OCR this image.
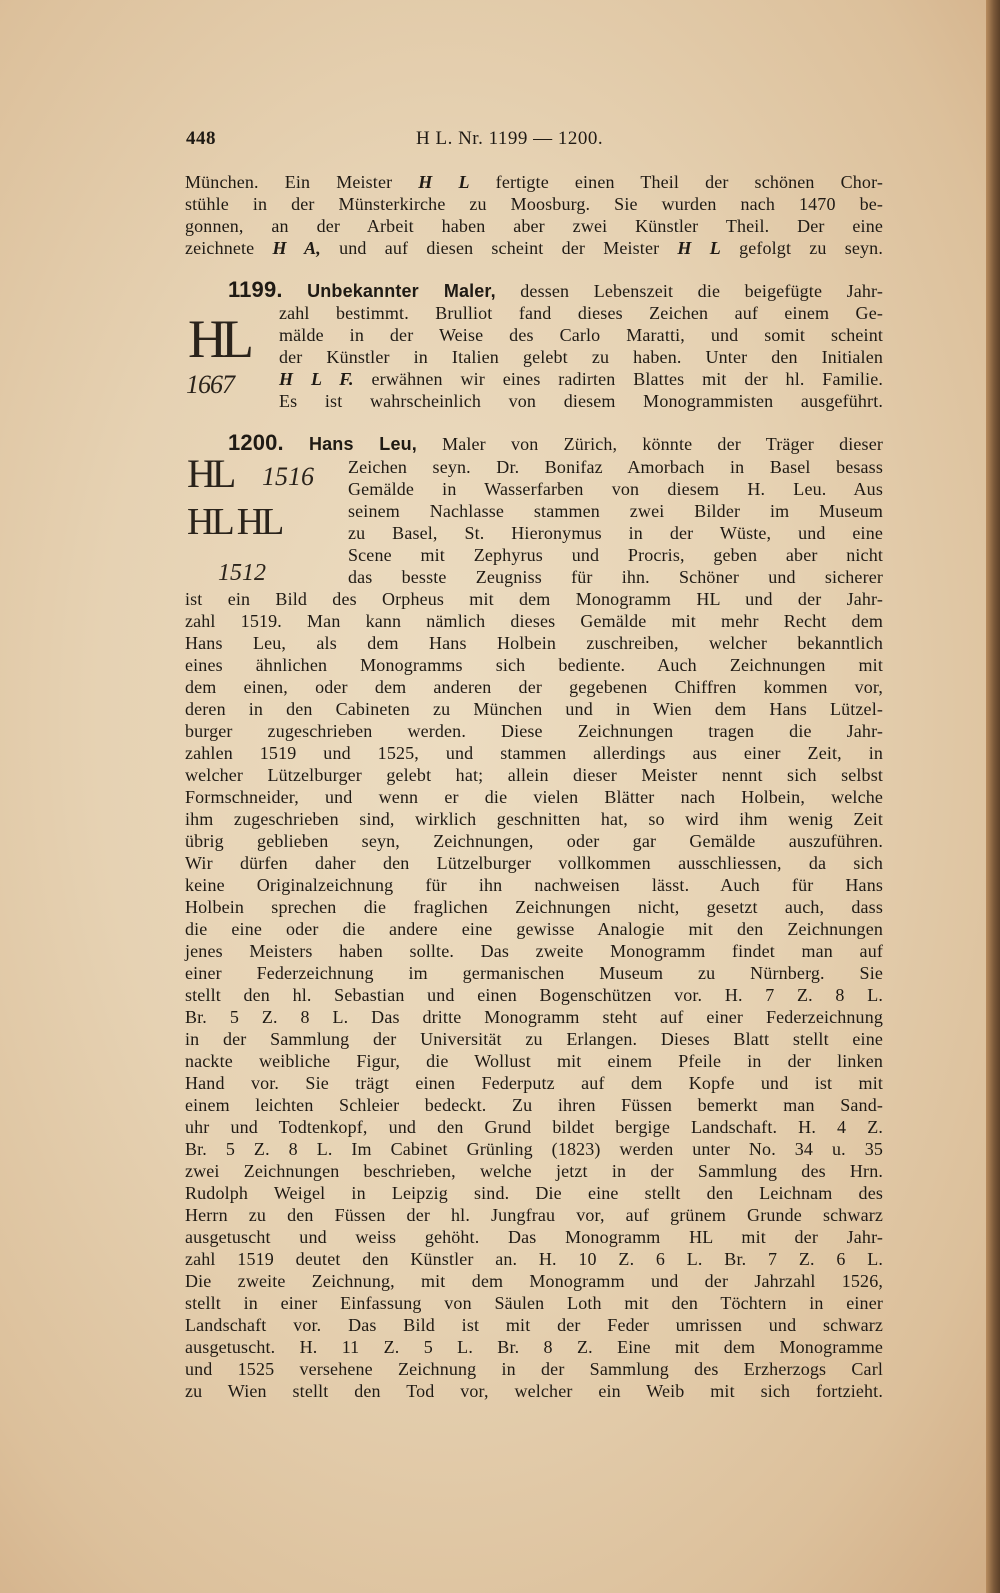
448	H L. Nr. 1199 — 1200.
München. Ein Meister H L fertigte einen Theil der schönen Chor-
stühle in der Münsterkirche zu Moosburg. Sie wurden nach 1470 be-
gonnen, an der Arbeit haben aber zwei Künstler Theil. Der eine
zeichnete H A, und auf diesen scheint der Meister H L gefolgt zu seyn.
1199. Unbekannter Maler, dessen Lebenszeit die beigefügte Jahr-
zahl bestimmt. Brulliot fand dieses Zeichen auf einem Ge-
mälde in der Weise des Carlo Maratti, und somit scheint
der Künstler in Italien gelebt zu haben. Unter den Initialen
H L F. erwähnen wir eines radirten Blattes mit der hl. Familie.
Es ist wahrscheinlich von diesem Monogrammisten ausgeführt.
HL
1667
1200. Hans Leu, Maler von Zürich, könnte der Träger dieser
Zeichen seyn. Dr. Bonifaz Amorbach in Basel besass
Gemälde in Wasserfarben von diesem H. Leu. Aus
seinem Nachlasse stammen zwei Bilder im Museum
zu Basel, St. Hieronymus in der Wüste, und eine
Scene mit Zephyrus und Procris, geben aber nicht
das besste Zeugniss für ihn. Schöner und sicherer
HL 1516
HL HL
1512
ist ein Bild des Orpheus mit dem Monogramm HL und der Jahr-
zahl 1519. Man kann nämlich dieses Gemälde mit mehr Recht dem
Hans Leu, als dem Hans Holbein zuschreiben, welcher bekanntlich
eines ähnlichen Monogramms sich bediente. Auch Zeichnungen mit
dem einen, oder dem anderen der gegebenen Chiffren kommen vor,
deren in den Cabineten zu München und in Wien dem Hans Lützel-
burger zugeschrieben werden. Diese Zeichnungen tragen die Jahr-
zahlen 1519 und 1525, und stammen allerdings aus einer Zeit, in
welcher Lützelburger gelebt hat; allein dieser Meister nennt sich selbst
Formschneider, und wenn er die vielen Blätter nach Holbein, welche
ihm zugeschrieben sind, wirklich geschnitten hat, so wird ihm wenig Zeit
übrig geblieben seyn, Zeichnungen, oder gar Gemälde auszuführen.
Wir dürfen daher den Lützelburger vollkommen ausschliessen, da sich
keine Originalzeichnung für ihn nachweisen lässt. Auch für Hans
Holbein sprechen die fraglichen Zeichnungen nicht, gesetzt auch, dass
die eine oder die andere eine gewisse Analogie mit den Zeichnungen
jenes Meisters haben sollte. Das zweite Monogramm findet man auf
einer Federzeichnung im germanischen Museum zu Nürnberg. Sie
stellt den hl. Sebastian und einen Bogenschützen vor. H. 7 Z. 8 L.
Br. 5 Z. 8 L. Das dritte Monogramm steht auf einer Federzeichnung
in der Sammlung der Universität zu Erlangen. Dieses Blatt stellt eine
nackte weibliche Figur, die Wollust mit einem Pfeile in der linken
Hand vor. Sie trägt einen Federputz auf dem Kopfe und ist mit
einem leichten Schleier bedeckt. Zu ihren Füssen bemerkt man Sand-
uhr und Todtenkopf, und den Grund bildet bergige Landschaft. H. 4 Z.
Br. 5 Z. 8 L. Im Cabinet Grünling (1823) werden unter No. 34 u. 35
zwei Zeichnungen beschrieben, welche jetzt in der Sammlung des Hrn.
Rudolph Weigel in Leipzig sind. Die eine stellt den Leichnam des
Herrn zu den Füssen der hl. Jungfrau vor, auf grünem Grunde schwarz
ausgetuscht und weiss gehöht. Das Monogramm HL mit der Jahr-
zahl 1519 deutet den Künstler an. H. 10 Z. 6 L. Br. 7 Z. 6 L.
Die zweite Zeichnung, mit dem Monogramm und der Jahrzahl 1526,
stellt in einer Einfassung von Säulen Loth mit den Töchtern in einer
Landschaft vor. Das Bild ist mit der Feder umrissen und schwarz
ausgetuscht. H. 11 Z. 5 L. Br. 8 Z. Eine mit dem Monogramme
und 1525 versehene Zeichnung in der Sammlung des Erzherzogs Carl
zu Wien stellt den Tod vor, welcher ein Weib mit sich fortzieht.
